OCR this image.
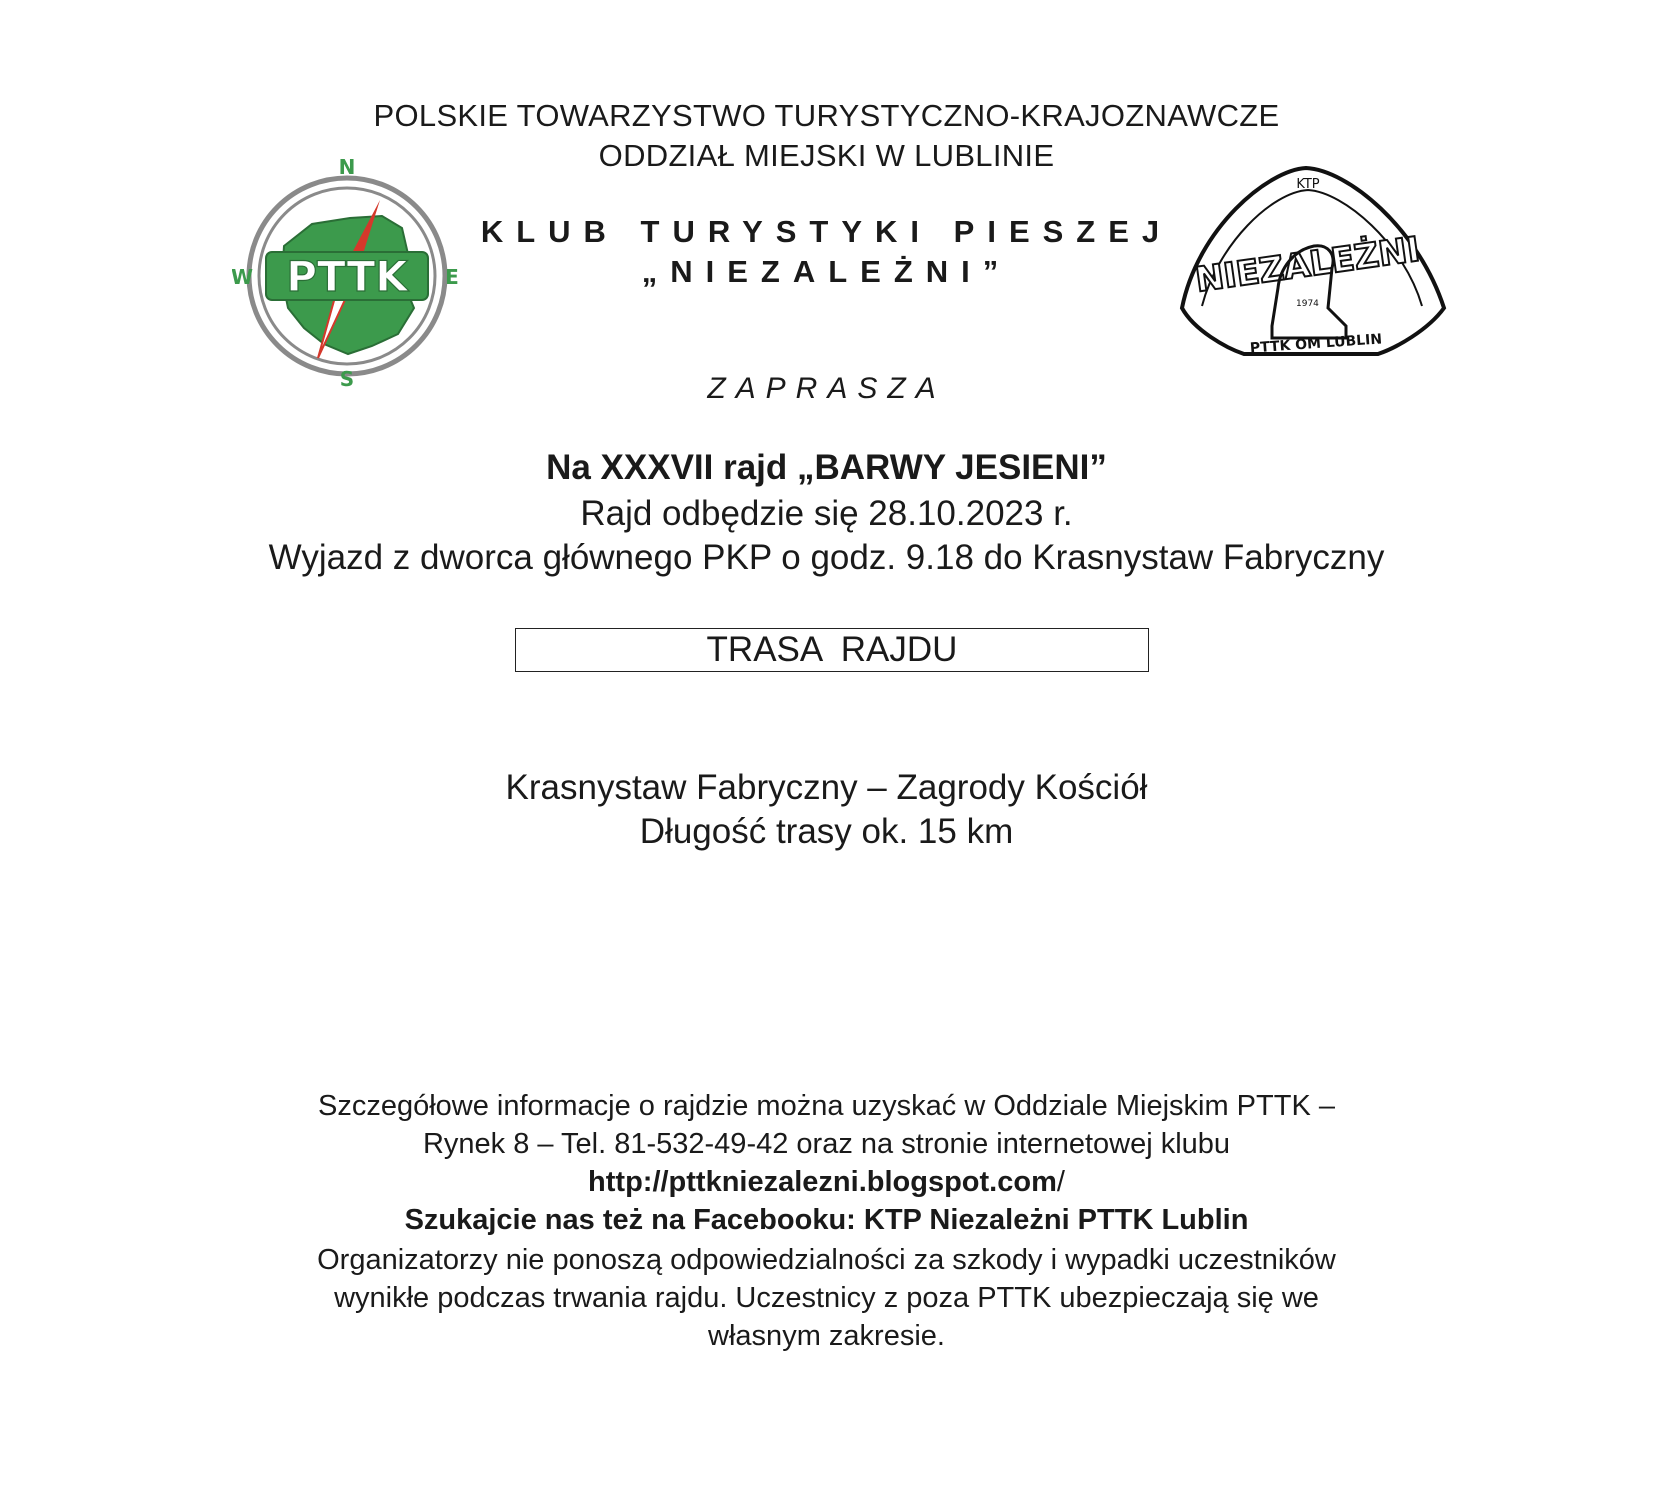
POLSKIE TOWARZYSTWO TURYSTYCZNO-KRAJOZNAWCZE
ODDZIAŁ MIEJSKI W LUBLINIE
KLUB TURYSTYKI PIESZEJ
„NIEZALEŻNI”
PTTK
N
S
W	E
KTP
NIEZALEŻNI
1974
PTTK OM LUBLIN
ZAPRASZA
Na XXXVII rajd „BARWY JESIENI”
Rajd odbędzie się 28.10.2023 r.
Wyjazd z dworca głównego PKP o godz. 9.18 do Krasnystaw Fabryczny
TRASA  RAJDU
Krasnystaw Fabryczny – Zagrody Kościół
Długość trasy ok. 15 km
Szczegółowe informacje o rajdzie można uzyskać w Oddziale Miejskim PTTK –
Rynek 8 – Tel. 81-532-49-42 oraz na stronie internetowej klubu
http://pttkniezalezni.blogspot.com/
Szukajcie nas też na Facebooku: KTP Niezależni PTTK Lublin
Organizatorzy nie ponoszą odpowiedzialności za szkody i wypadki uczestników
wynikłe podczas trwania rajdu. Uczestnicy z poza PTTK ubezpieczają się we
własnym zakresie.
